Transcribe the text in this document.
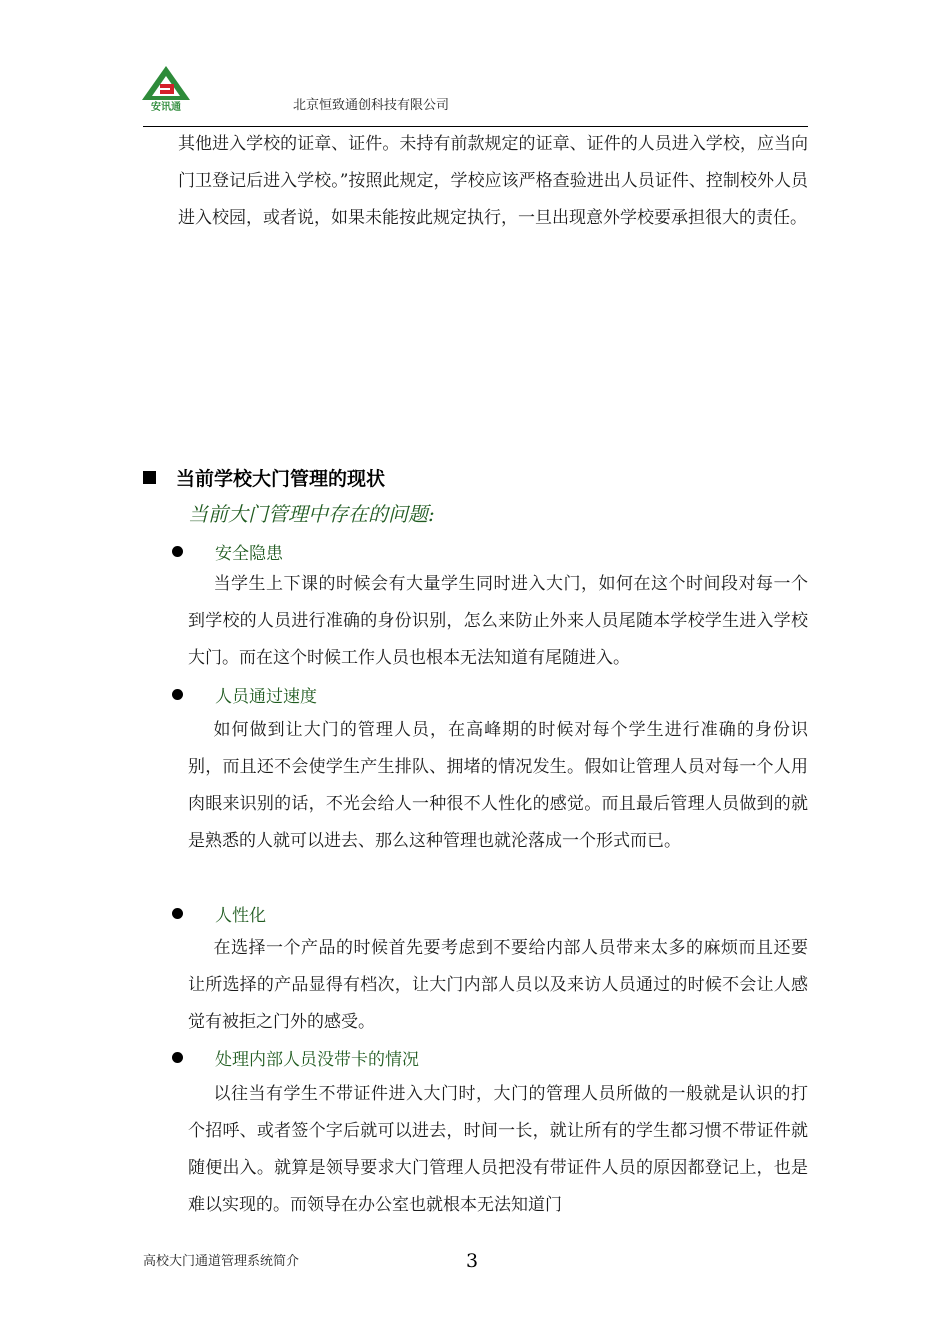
安讯通	北京恒致通创科技有限公司

其他进入学校的证章、证件。未持有前款规定的证章、证件的人员进入学校，应当向门卫登记后进入学校。”按照此规定，学校应该严格查验进出人员证件、控制校外人员进入校园，或者说，如果未能按此规定执行，一旦出现意外学校要承担很大的责任。

当前学校大门管理的现状
当前大门管理中存在的问题:
安全隐患

当学生上下课的时候会有大量学生同时进入大门，如何在这个时间段对每一个到学校的人员进行准确的身份识别，怎么来防止外来人员尾随本学校学生进入学校大门。而在这个时候工作人员也根本无法知道有尾随进入。

人员通过速度

如何做到让大门的管理人员，在高峰期的时候对每个学生进行准确的身份识别，而且还不会使学生产生排队、拥堵的情况发生。假如让管理人员对每一个人用肉眼来识别的话，不光会给人一种很不人性化的感觉。而且最后管理人员做到的就是熟悉的人就可以进去、那么这种管理也就沦落成一个形式而已。

人性化

在选择一个产品的时候首先要考虑到不要给内部人员带来太多的麻烦而且还要让所选择的产品显得有档次，让大门内部人员以及来访人员通过的时候不会让人感觉有被拒之门外的感受。

处理内部人员没带卡的情况

以往当有学生不带证件进入大门时，大门的管理人员所做的一般就是认识的打个招呼、或者签个字后就可以进去，时间一长，就让所有的学生都习惯不带证件就随便出入。就算是领导要求大门管理人员把没有带证件人员的原因都登记上，也是难以实现的。而领导在办公室也就根本无法知道门

高校大门通道管理系统简介	3
